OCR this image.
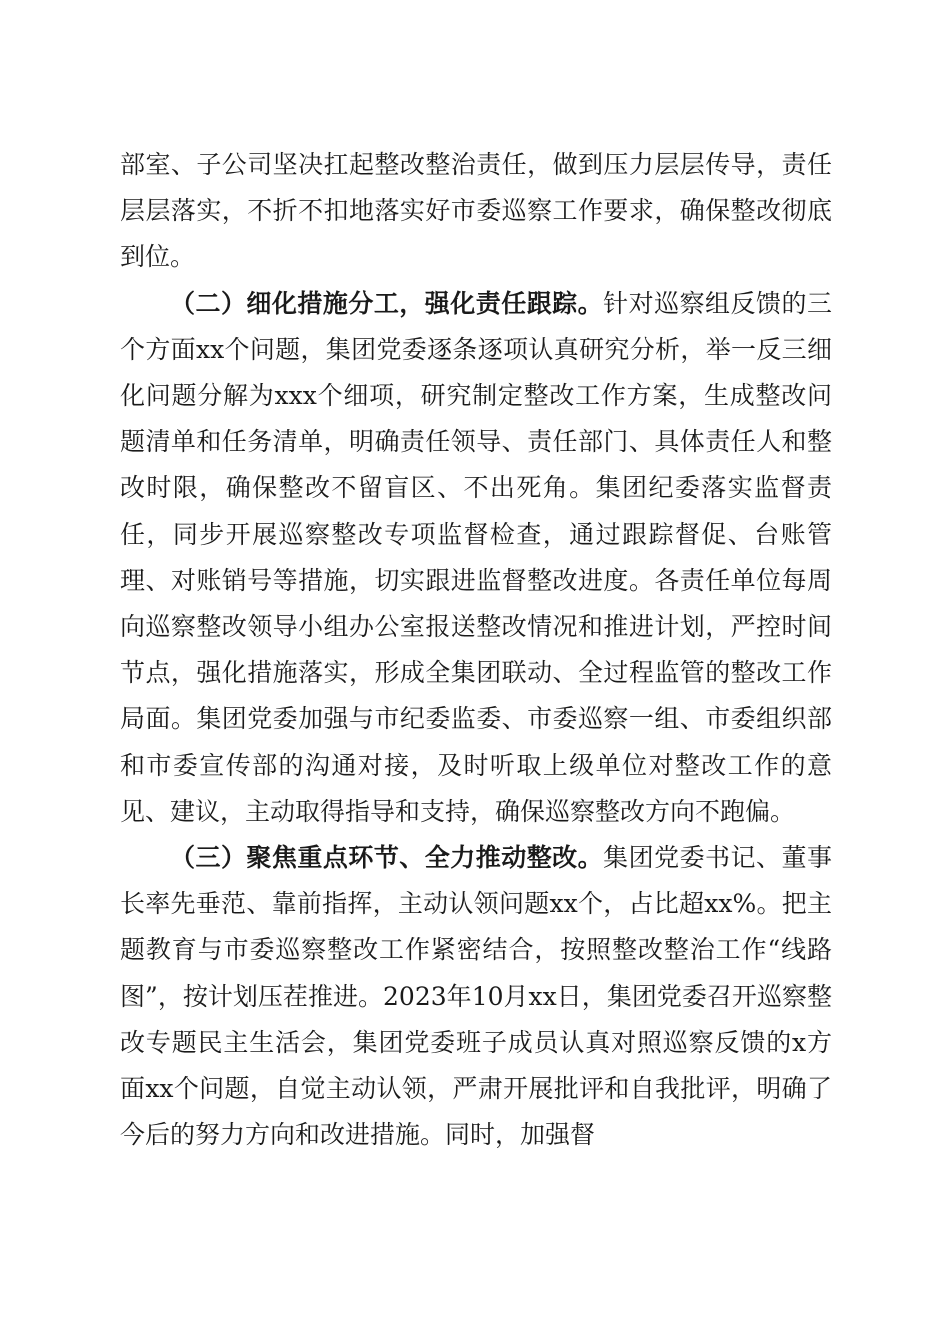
部室、子公司坚决扛起整改整治责任，做到压力层层传导，责任层层落实，不折不扣地落实好市委巡察工作要求，确保整改彻底到位。

（二）细化措施分工，强化责任跟踪。针对巡察组反馈的三个方面xx个问题，集团党委逐条逐项认真研究分析，举一反三细化问题分解为xxx个细项，研究制定整改工作方案，生成整改问题清单和任务清单，明确责任领导、责任部门、具体责任人和整改时限，确保整改不留盲区、不出死角。集团纪委落实监督责任，同步开展巡察整改专项监督检查，通过跟踪督促、台账管理、对账销号等措施，切实跟进监督整改进度。各责任单位每周向巡察整改领导小组办公室报送整改情况和推进计划，严控时间节点，强化措施落实，形成全集团联动、全过程监管的整改工作局面。集团党委加强与市纪委监委、市委巡察一组、市委组织部和市委宣传部的沟通对接，及时听取上级单位对整改工作的意见、建议，主动取得指导和支持，确保巡察整改方向不跑偏。

（三）聚焦重点环节、全力推动整改。集团党委书记、董事长率先垂范、靠前指挥，主动认领问题xx个，占比超xx%。把主题教育与市委巡察整改工作紧密结合，按照整改整治工作“线路图”，按计划压茬推进。2023年10月xx日，集团党委召开巡察整改专题民主生活会，集团党委班子成员认真对照巡察反馈的x方面xx个问题，自觉主动认领，严肃开展批评和自我批评，明确了今后的努力方向和改进措施。同时，加强督
